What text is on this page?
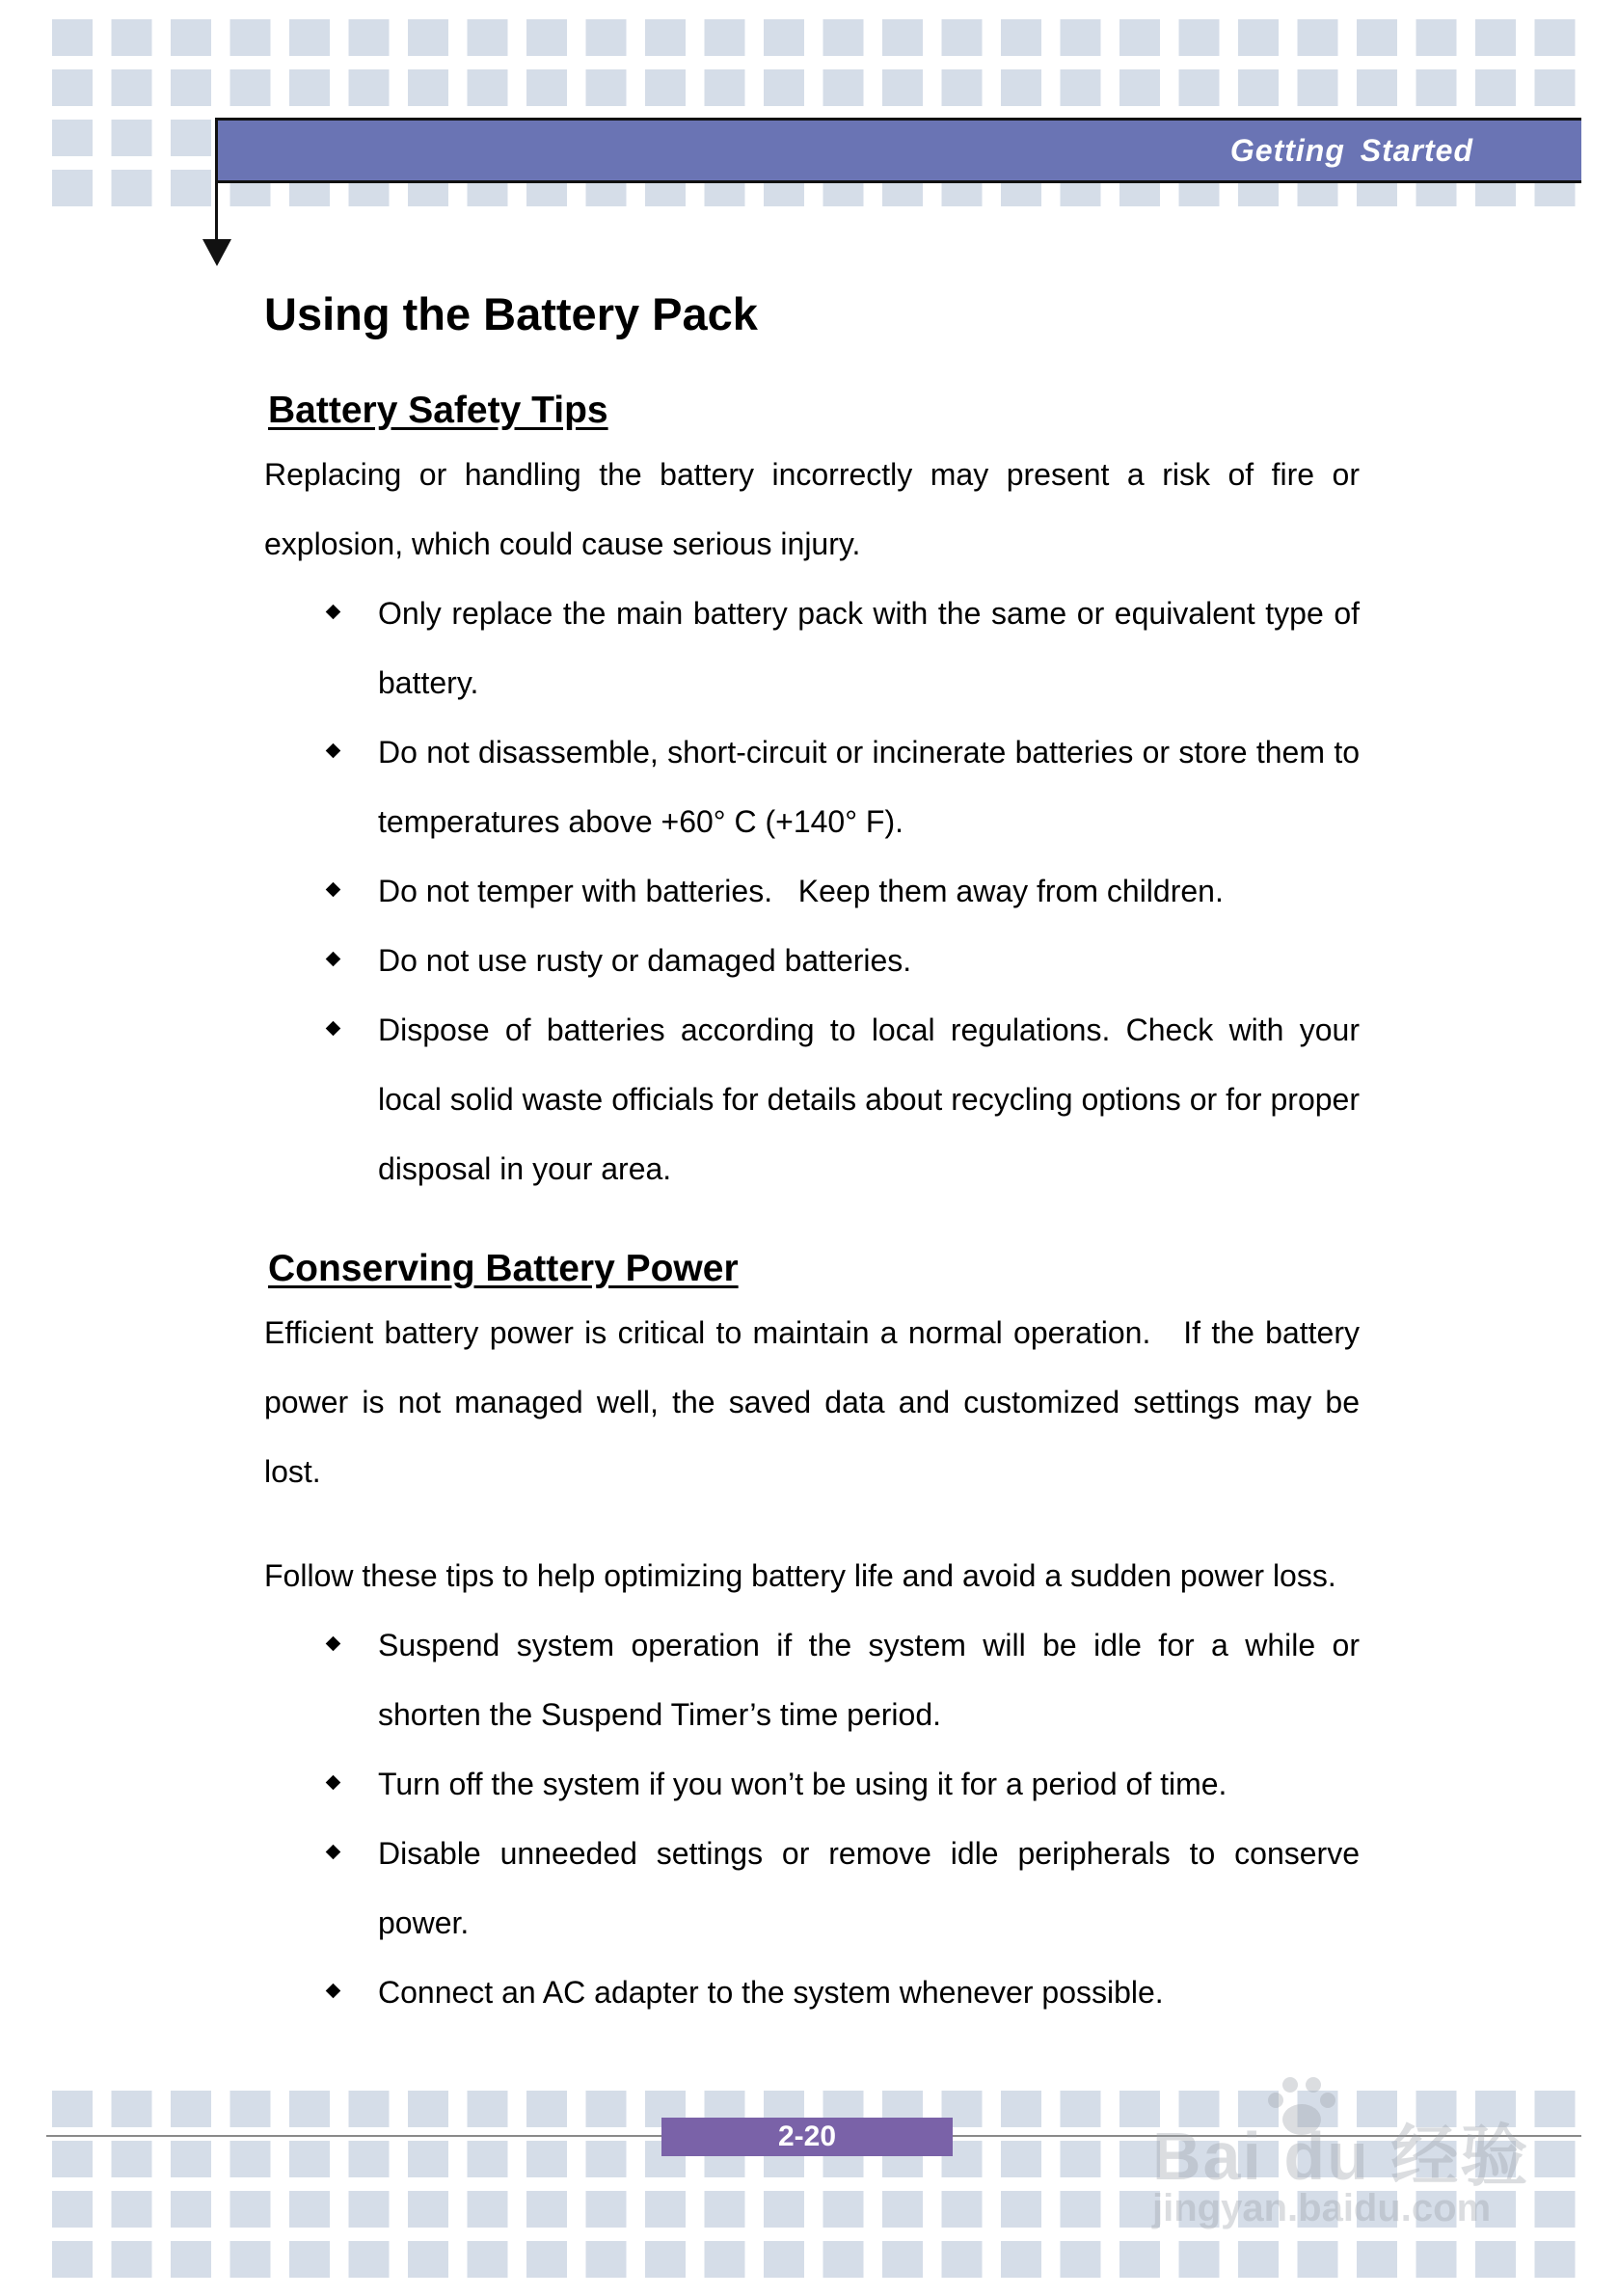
Getting Started
Using the Battery Pack
Battery Safety Tips

Replacing or handling the battery incorrectly may present a risk of fire or explosion, which could cause serious injury.

Only replace the main battery pack with the same or equivalent type of battery.
Do not disassemble, short-circuit or incinerate batteries or store them to temperatures above +60° C (+140° F).
Do not temper with batteries.   Keep them away from children.
Do not use rusty or damaged batteries.
Dispose of batteries according to local regulations. Check with your local solid waste officials for details about recycling options or for proper disposal in your area.
Conserving Battery Power

Efficient battery power is critical to maintain a normal operation.   If the battery power is not managed well, the saved data and customized settings may be lost.

Follow these tips to help optimizing battery life and avoid a sudden power loss.

Suspend system operation if the system will be idle for a while or shorten the Suspend Timer’s time period.
Turn off the system if you won’t be using it for a period of time.
Disable unneeded settings or remove idle peripherals to conserve power.
Connect an AC adapter to the system whenever possible.
2-20	Bai du 经验
jingyan.baidu.com
